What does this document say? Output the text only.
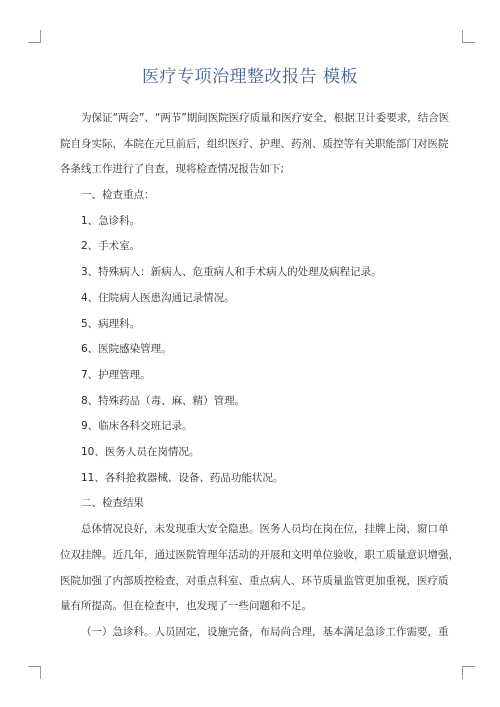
医疗专项治理整改报告 模板
为保证“两会”、“两节”期间医院医疗质量和医疗安全，根据卫计委要求，结合医
院自身实际，本院在元旦前后，组织医疗、护理、药剂、质控等有关职能部门对医院
各条线工作进行了自查，现将检查情况报告如下;
一、检查重点：
1、急诊科。
2、手术室。
3、特殊病人：新病人、危重病人和手术病人的处理及病程记录。
4、住院病人医患沟通记录情况。
5、病理科。
6、医院感染管理。
7、护理管理。
8、特殊药品（毒、麻、精）管理。
9、临床各科交班记录。
10、医务人员在岗情况。
11、各科抢救器械、设备、药品功能状况。
二、检查结果
总体情况良好，未发现重大安全隐患。医务人员均在岗在位，挂牌上岗，窗口单
位双挂牌。近几年，通过医院管理年活动的开展和文明单位验收，职工质量意识增强，
医院加强了内部质控检查，对重点科室、重点病人、环节质量监管更加重视，医疗质
量有所提高。但在检查中，也发现了一些问题和不足。
（一）急诊科。人员固定，设施完备，布局尚合理，基本满足急诊工作需要，重
